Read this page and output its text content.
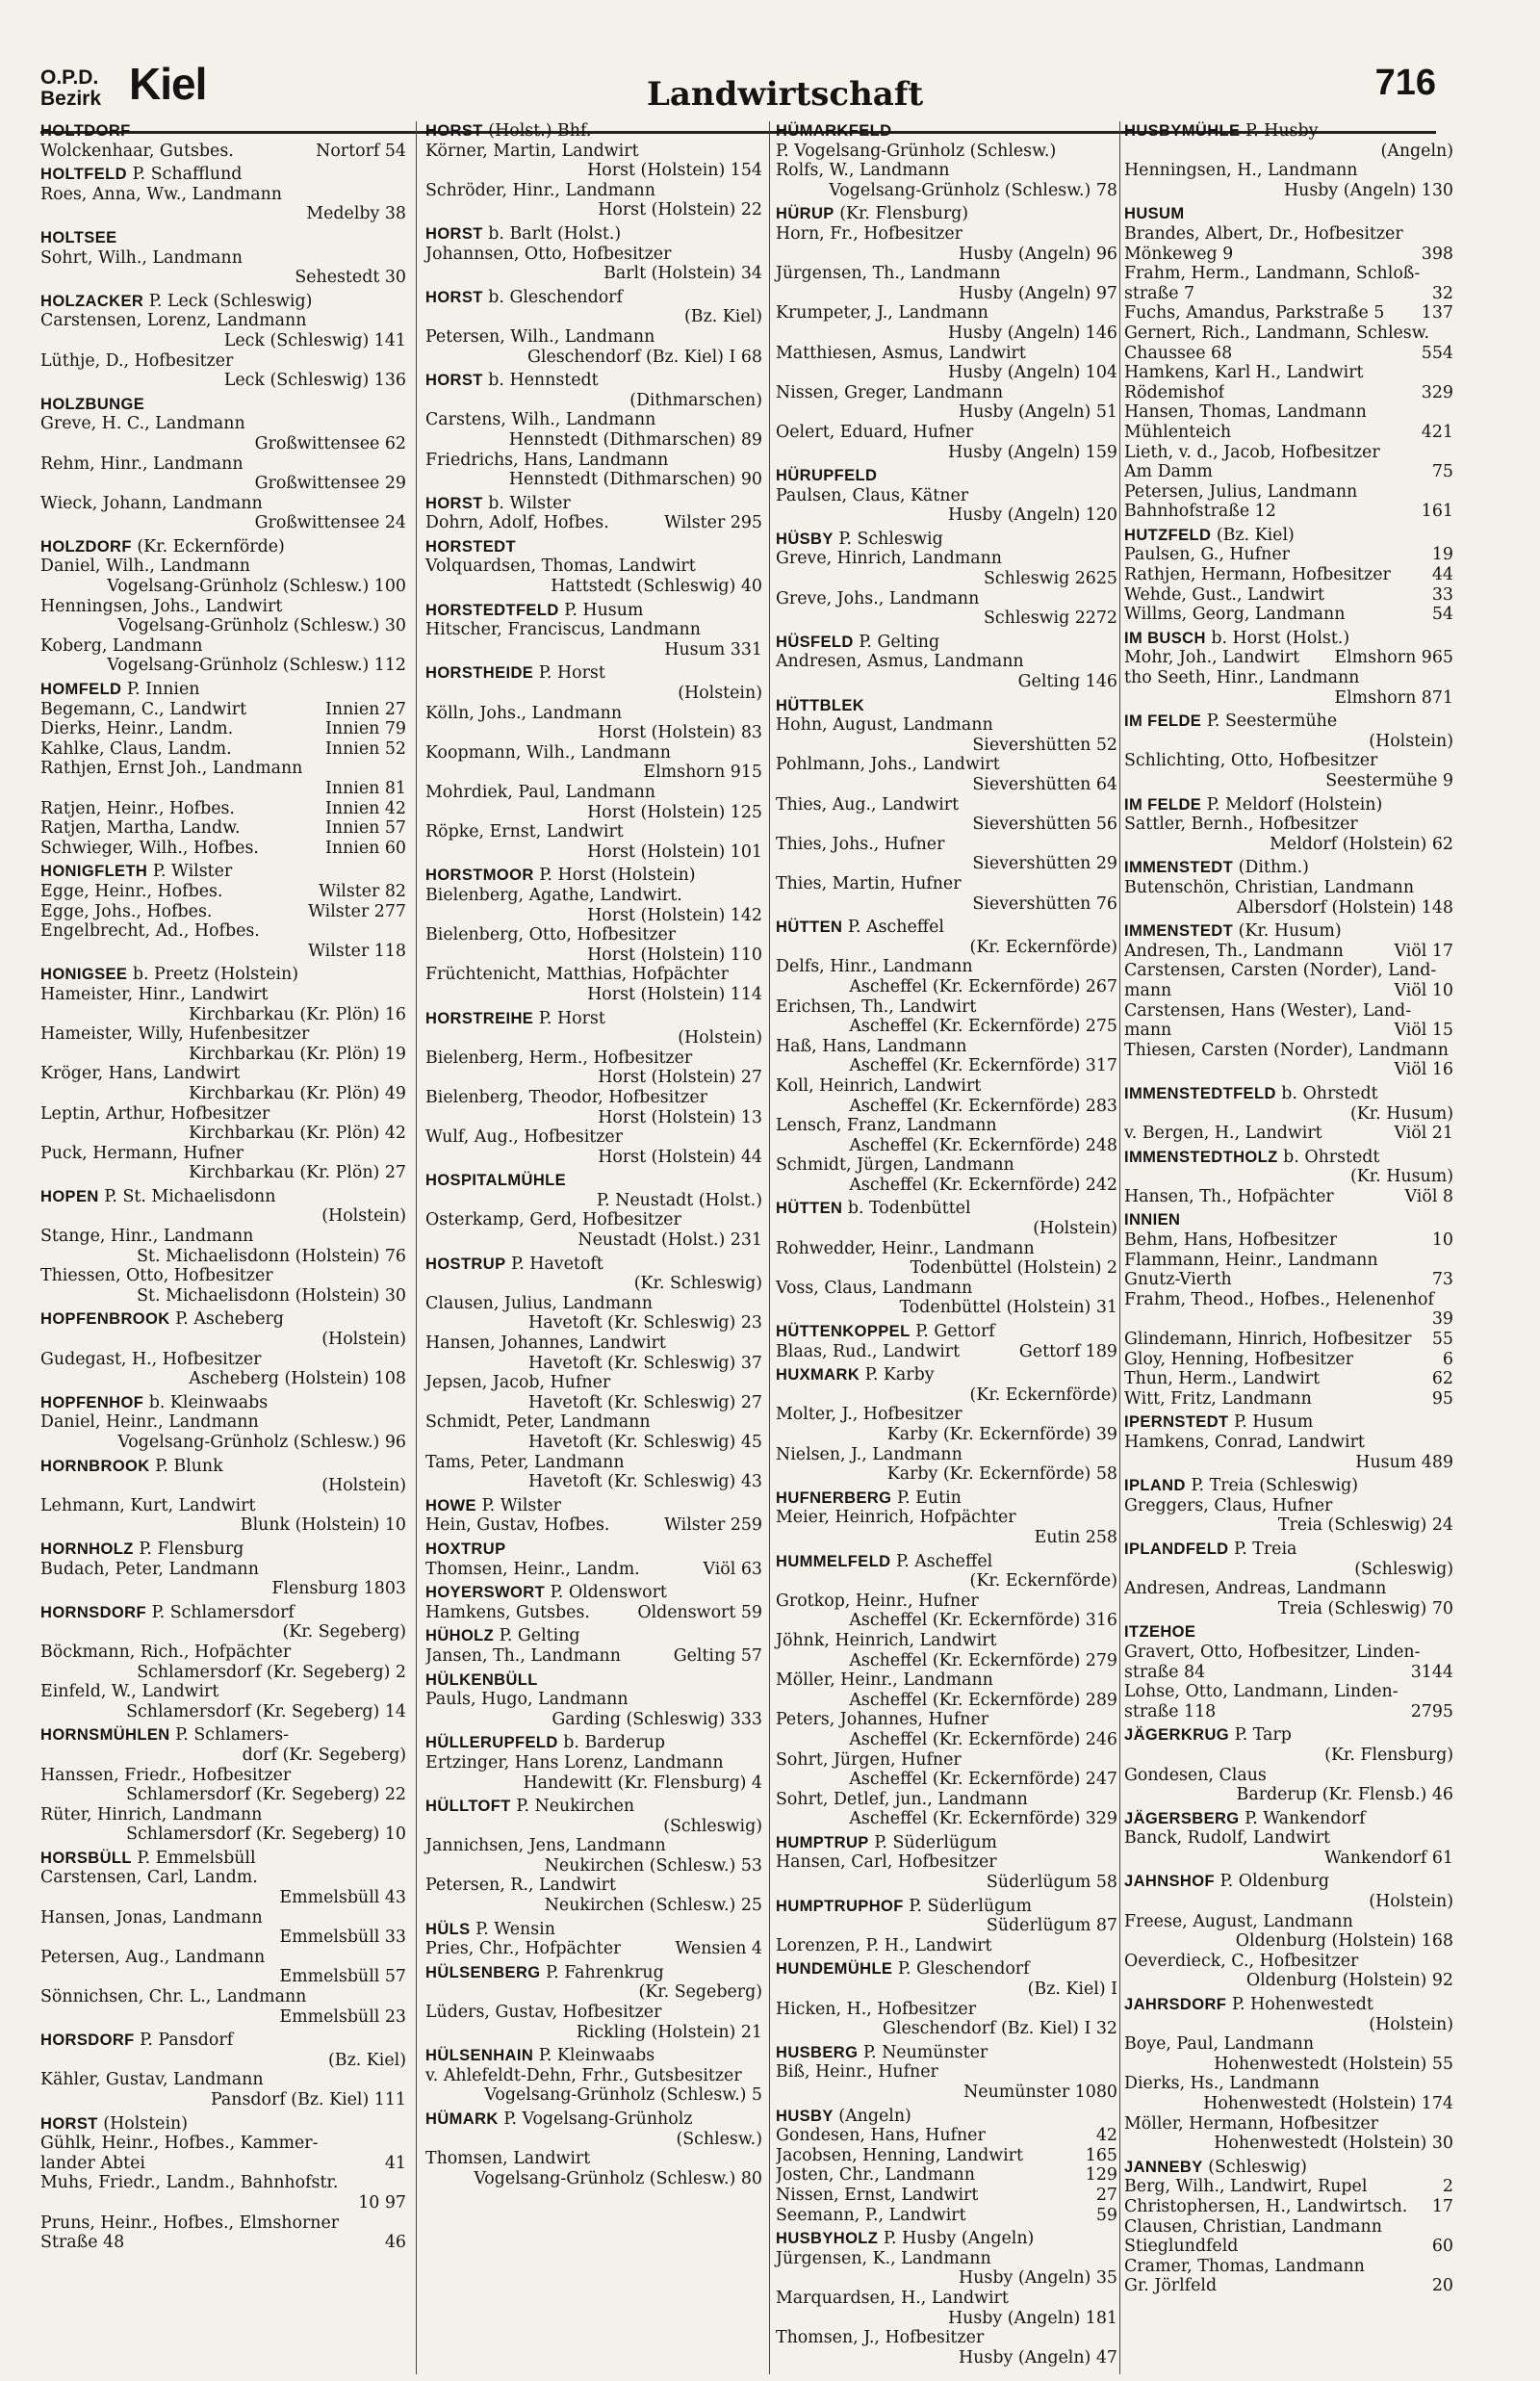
O.P.D.
Bezirk Kiel	Landwirtschaft	716
HOLTDORF
Wolckenhaar, Gutsbes.	Nortorf 54
HOLTFELD P. Schafflund
Roes, Anna, Ww., Landmann
Medelby 38
HOLTSEE
Sohrt, Wilh., Landmann
Sehestedt 30
HOLZACKER P. Leck (Schleswig)
Carstensen, Lorenz, Landmann
Leck (Schleswig) 141
Lüthje, D., Hofbesitzer
Leck (Schleswig) 136
HOLZBUNGE
Greve, H. C., Landmann
Großwittensee 62
Rehm, Hinr., Landmann
Großwittensee 29
Wieck, Johann, Landmann
Großwittensee 24
HOLZDORF (Kr. Eckernförde)
Daniel, Wilh., Landmann
Vogelsang-Grünholz (Schlesw.) 100
Henningsen, Johs., Landwirt
Vogelsang-Grünholz (Schlesw.) 30
Koberg, Landmann
Vogelsang-Grünholz (Schlesw.) 112
HOMFELD P. Innien
Begemann, C., Landwirt	Innien 27
Dierks, Heinr., Landm.	Innien 79
Kahlke, Claus, Landm.	Innien 52
Rathjen, Ernst Joh., Landmann
Innien 81
Ratjen, Heinr., Hofbes.	Innien 42
Ratjen, Martha, Landw.	Innien 57
Schwieger, Wilh., Hofbes.	Innien 60
HONIGFLETH P. Wilster
Egge, Heinr., Hofbes.	Wilster 82
Egge, Johs., Hofbes.	Wilster 277
Engelbrecht, Ad., Hofbes.
Wilster 118
HONIGSEE b. Preetz (Holstein)
Hameister, Hinr., Landwirt
Kirchbarkau (Kr. Plön) 16
Hameister, Willy, Hufenbesitzer
Kirchbarkau (Kr. Plön) 19
Kröger, Hans, Landwirt
Kirchbarkau (Kr. Plön) 49
Leptin, Arthur, Hofbesitzer
Kirchbarkau (Kr. Plön) 42
Puck, Hermann, Hufner
Kirchbarkau (Kr. Plön) 27
HOPEN P. St. Michaelisdonn
(Holstein)
Stange, Hinr., Landmann
St. Michaelisdonn (Holstein) 76
Thiessen, Otto, Hofbesitzer
St. Michaelisdonn (Holstein) 30
HOPFENBROOK P. Ascheberg
(Holstein)
Gudegast, H., Hofbesitzer
Ascheberg (Holstein) 108
HOPFENHOF b. Kleinwaabs
Daniel, Heinr., Landmann
Vogelsang-Grünholz (Schlesw.) 96
HORNBROOK P. Blunk
(Holstein)
Lehmann, Kurt, Landwirt
Blunk (Holstein) 10
HORNHOLZ P. Flensburg
Budach, Peter, Landmann
Flensburg 1803
HORNSDORF P. Schlamersdorf
(Kr. Segeberg)
Böckmann, Rich., Hofpächter
Schlamersdorf (Kr. Segeberg) 2
Einfeld, W., Landwirt
Schlamersdorf (Kr. Segeberg) 14
HORNSMÜHLEN P. Schlamers-
dorf (Kr. Segeberg)
Hanssen, Friedr., Hofbesitzer
Schlamersdorf (Kr. Segeberg) 22
Rüter, Hinrich, Landmann
Schlamersdorf (Kr. Segeberg) 10
HORSBÜLL P. Emmelsbüll
Carstensen, Carl, Landm.
Emmelsbüll 43
Hansen, Jonas, Landmann
Emmelsbüll 33
Petersen, Aug., Landmann
Emmelsbüll 57
Sönnichsen, Chr. L., Landmann
Emmelsbüll 23
HORSDORF P. Pansdorf
(Bz. Kiel)
Kähler, Gustav, Landmann
Pansdorf (Bz. Kiel) 111
HORST (Holstein)
Gühlk, Heinr., Hofbes., Kammer-
lander Abtei	41
Muhs, Friedr., Landm., Bahnhofstr.
10 97
Pruns, Heinr., Hofbes., Elmshorner
Straße 48	46
HORST (Holst.) Bhf.
Körner, Martin, Landwirt
Horst (Holstein) 154
Schröder, Hinr., Landmann
Horst (Holstein) 22
HORST b. Barlt (Holst.)
Johannsen, Otto, Hofbesitzer
Barlt (Holstein) 34
HORST b. Gleschendorf
(Bz. Kiel)
Petersen, Wilh., Landmann
Gleschendorf (Bz. Kiel) I 68
HORST b. Hennstedt
(Dithmarschen)
Carstens, Wilh., Landmann
Hennstedt (Dithmarschen) 89
Friedrichs, Hans, Landmann
Hennstedt (Dithmarschen) 90
HORST b. Wilster
Dohrn, Adolf, Hofbes.	Wilster 295
HORSTEDT
Volquardsen, Thomas, Landwirt
Hattstedt (Schleswig) 40
HORSTEDTFELD P. Husum
Hitscher, Franciscus, Landmann
Husum 331
HORSTHEIDE P. Horst
(Holstein)
Kölln, Johs., Landmann
Horst (Holstein) 83
Koopmann, Wilh., Landmann
Elmshorn 915
Mohrdiek, Paul, Landmann
Horst (Holstein) 125
Röpke, Ernst, Landwirt
Horst (Holstein) 101
HORSTMOOR P. Horst (Holstein)
Bielenberg, Agathe, Landwirt.
Horst (Holstein) 142
Bielenberg, Otto, Hofbesitzer
Horst (Holstein) 110
Früchtenicht, Matthias, Hofpächter
Horst (Holstein) 114
HORSTREIHE P. Horst
(Holstein)
Bielenberg, Herm., Hofbesitzer
Horst (Holstein) 27
Bielenberg, Theodor, Hofbesitzer
Horst (Holstein) 13
Wulf, Aug., Hofbesitzer
Horst (Holstein) 44
HOSPITALMÜHLE
P. Neustadt (Holst.)
Osterkamp, Gerd, Hofbesitzer
Neustadt (Holst.) 231
HOSTRUP P. Havetoft
(Kr. Schleswig)
Clausen, Julius, Landmann
Havetoft (Kr. Schleswig) 23
Hansen, Johannes, Landwirt
Havetoft (Kr. Schleswig) 37
Jepsen, Jacob, Hufner
Havetoft (Kr. Schleswig) 27
Schmidt, Peter, Landmann
Havetoft (Kr. Schleswig) 45
Tams, Peter, Landmann
Havetoft (Kr. Schleswig) 43
HOWE P. Wilster
Hein, Gustav, Hofbes.	Wilster 259
HOXTRUP
Thomsen, Heinr., Landm.	Viöl 63
HOYERSWORT P. Oldenswort
Hamkens, Gutsbes.	Oldenswort 59
HÜHOLZ P. Gelting
Jansen, Th., Landmann	Gelting 57
HÜLKENBÜLL
Pauls, Hugo, Landmann
Garding (Schleswig) 333
HÜLLERUPFELD b. Barderup
Ertzinger, Hans Lorenz, Landmann
Handewitt (Kr. Flensburg) 4
HÜLLTOFT P. Neukirchen
(Schleswig)
Jannichsen, Jens, Landmann
Neukirchen (Schlesw.) 53
Petersen, R., Landwirt
Neukirchen (Schlesw.) 25
HÜLS P. Wensin
Pries, Chr., Hofpächter	Wensien 4
HÜLSENBERG P. Fahrenkrug
(Kr. Segeberg)
Lüders, Gustav, Hofbesitzer
Rickling (Holstein) 21
HÜLSENHAIN P. Kleinwaabs
v. Ahlefeldt-Dehn, Frhr., Gutsbesitzer
Vogelsang-Grünholz (Schlesw.) 5
HÜMARK P. Vogelsang-Grünholz
(Schlesw.)
Thomsen, Landwirt
Vogelsang-Grünholz (Schlesw.) 80
HÜMARKFELD
P. Vogelsang-Grünholz (Schlesw.)
Rolfs, W., Landmann
Vogelsang-Grünholz (Schlesw.) 78
HÜRUP (Kr. Flensburg)
Horn, Fr., Hofbesitzer
Husby (Angeln) 96
Jürgensen, Th., Landmann
Husby (Angeln) 97
Krumpeter, J., Landmann
Husby (Angeln) 146
Matthiesen, Asmus, Landwirt
Husby (Angeln) 104
Nissen, Greger, Landmann
Husby (Angeln) 51
Oelert, Eduard, Hufner
Husby (Angeln) 159
HÜRUPFELD
Paulsen, Claus, Kätner
Husby (Angeln) 120
HÜSBY P. Schleswig
Greve, Hinrich, Landmann
Schleswig 2625
Greve, Johs., Landmann
Schleswig 2272
HÜSFELD P. Gelting
Andresen, Asmus, Landmann
Gelting 146
HÜTTBLEK
Hohn, August, Landmann
Sievershütten 52
Pohlmann, Johs., Landwirt
Sievershütten 64
Thies, Aug., Landwirt
Sievershütten 56
Thies, Johs., Hufner
Sievershütten 29
Thies, Martin, Hufner
Sievershütten 76
HÜTTEN P. Ascheffel
(Kr. Eckernförde)
Delfs, Hinr., Landmann
Ascheffel (Kr. Eckernförde) 267
Erichsen, Th., Landwirt
Ascheffel (Kr. Eckernförde) 275
Haß, Hans, Landmann
Ascheffel (Kr. Eckernförde) 317
Koll, Heinrich, Landwirt
Ascheffel (Kr. Eckernförde) 283
Lensch, Franz, Landmann
Ascheffel (Kr. Eckernförde) 248
Schmidt, Jürgen, Landmann
Ascheffel (Kr. Eckernförde) 242
HÜTTEN b. Todenbüttel
(Holstein)
Rohwedder, Heinr., Landmann
Todenbüttel (Holstein) 2
Voss, Claus, Landmann
Todenbüttel (Holstein) 31
HÜTTENKOPPEL P. Gettorf
Blaas, Rud., Landwirt	Gettorf 189
HUXMARK P. Karby
(Kr. Eckernförde)
Molter, J., Hofbesitzer
Karby (Kr. Eckernförde) 39
Nielsen, J., Landmann
Karby (Kr. Eckernförde) 58
HUFNERBERG P. Eutin
Meier, Heinrich, Hofpächter
Eutin 258
HUMMELFELD P. Ascheffel
(Kr. Eckernförde)
Grotkop, Heinr., Hufner
Ascheffel (Kr. Eckernförde) 316
Jöhnk, Heinrich, Landwirt
Ascheffel (Kr. Eckernförde) 279
Möller, Heinr., Landmann
Ascheffel (Kr. Eckernförde) 289
Peters, Johannes, Hufner
Ascheffel (Kr. Eckernförde) 246
Sohrt, Jürgen, Hufner
Ascheffel (Kr. Eckernförde) 247
Sohrt, Detlef, jun., Landmann
Ascheffel (Kr. Eckernförde) 329
HUMPTRUP P. Süderlügum
Hansen, Carl, Hofbesitzer
Süderlügum 58
HUMPTRUPHOF P. Süderlügum
Süderlügum 87
Lorenzen, P. H., Landwirt
HUNDEMÜHLE P. Gleschendorf
(Bz. Kiel) I
Hicken, H., Hofbesitzer
Gleschendorf (Bz. Kiel) I 32
HUSBERG P. Neumünster
Biß, Heinr., Hufner
Neumünster 1080
HUSBY (Angeln)
Gondesen, Hans, Hufner	42
Jacobsen, Henning, Landwirt	165
Josten, Chr., Landmann	129
Nissen, Ernst, Landwirt	27
Seemann, P., Landwirt	59
HUSBYHOLZ P. Husby (Angeln)
Jürgensen, K., Landmann
Husby (Angeln) 35
Marquardsen, H., Landwirt
Husby (Angeln) 181
Thomsen, J., Hofbesitzer
Husby (Angeln) 47
HUSBYMÜHLE P. Husby
(Angeln)
Henningsen, H., Landmann
Husby (Angeln) 130
HUSUM
Brandes, Albert, Dr., Hofbesitzer
Mönkeweg 9	398
Frahm, Herm., Landmann, Schloß-
straße 7	32
Fuchs, Amandus, Parkstraße 5 137
Gernert, Rich., Landmann, Schlesw.
Chaussee 68	554
Hamkens, Karl H., Landwirt
Rödemishof	329
Hansen, Thomas, Landmann
Mühlenteich	421
Lieth, v. d., Jacob, Hofbesitzer
Am Damm	75
Petersen, Julius, Landmann
Bahnhofstraße 12	161
HUTZFELD (Bz. Kiel)
Paulsen, G., Hufner	19
Rathjen, Hermann, Hofbesitzer 44
Wehde, Gust., Landwirt	33
Willms, Georg, Landmann	54
IM BUSCH b. Horst (Holst.)
Mohr, Joh., Landwirt Elmshorn 965
tho Seeth, Hinr., Landmann
Elmshorn 871
IM FELDE P. Seestermühe
(Holstein)
Schlichting, Otto, Hofbesitzer
Seestermühe 9
IM FELDE P. Meldorf (Holstein)
Sattler, Bernh., Hofbesitzer
Meldorf (Holstein) 62
IMMENSTEDT (Dithm.)
Butenschön, Christian, Landmann
Albersdorf (Holstein) 148
IMMENSTEDT (Kr. Husum)
Andresen, Th., Landmann	Viöl 17
Carstensen, Carsten (Norder), Land-
mann	Viöl 10
Carstensen, Hans (Wester), Land-
mann	Viöl 15
Thiesen, Carsten (Norder), Landmann
Viöl 16
IMMENSTEDTFELD b. Ohrstedt
(Kr. Husum)
v. Bergen, H., Landwirt	Viöl 21
IMMENSTEDTHOLZ b. Ohrstedt
(Kr. Husum)
Hansen, Th., Hofpächter	Viöl 8
INNIEN
Behm, Hans, Hofbesitzer	10
Flammann, Heinr., Landmann
Gnutz-Vierth	73
Frahm, Theod., Hofbes., Helenenhof
39
Glindemann, Hinrich, Hofbesitzer 55
Gloy, Henning, Hofbesitzer	6
Thun, Herm., Landwirt	62
Witt, Fritz, Landmann	95
IPERNSTEDT P. Husum
Hamkens, Conrad, Landwirt
Husum 489
IPLAND P. Treia (Schleswig)
Greggers, Claus, Hufner
Treia (Schleswig) 24
IPLANDFELD P. Treia
(Schleswig)
Andresen, Andreas, Landmann
Treia (Schleswig) 70
ITZEHOE
Gravert, Otto, Hofbesitzer, Linden-
straße 84	3144
Lohse, Otto, Landmann, Linden-
straße 118	2795
JÄGERKRUG P. Tarp
(Kr. Flensburg)
Gondesen, Claus
Barderup (Kr. Flensb.) 46
JÄGERSBERG P. Wankendorf
Banck, Rudolf, Landwirt
Wankendorf 61
JAHNSHOF P. Oldenburg
(Holstein)
Freese, August, Landmann
Oldenburg (Holstein) 168
Oeverdieck, C., Hofbesitzer
Oldenburg (Holstein) 92
JAHRSDORF P. Hohenwestedt
(Holstein)
Boye, Paul, Landmann
Hohenwestedt (Holstein) 55
Dierks, Hs., Landmann
Hohenwestedt (Holstein) 174
Möller, Hermann, Hofbesitzer
Hohenwestedt (Holstein) 30
JANNEBY (Schleswig)
Berg, Wilh., Landwirt, Rupel	2
Christophersen, H., Landwirtsch. 17
Clausen, Christian, Landmann
Stieglundfeld	60
Cramer, Thomas, Landmann
Gr. Jörlfeld	20
